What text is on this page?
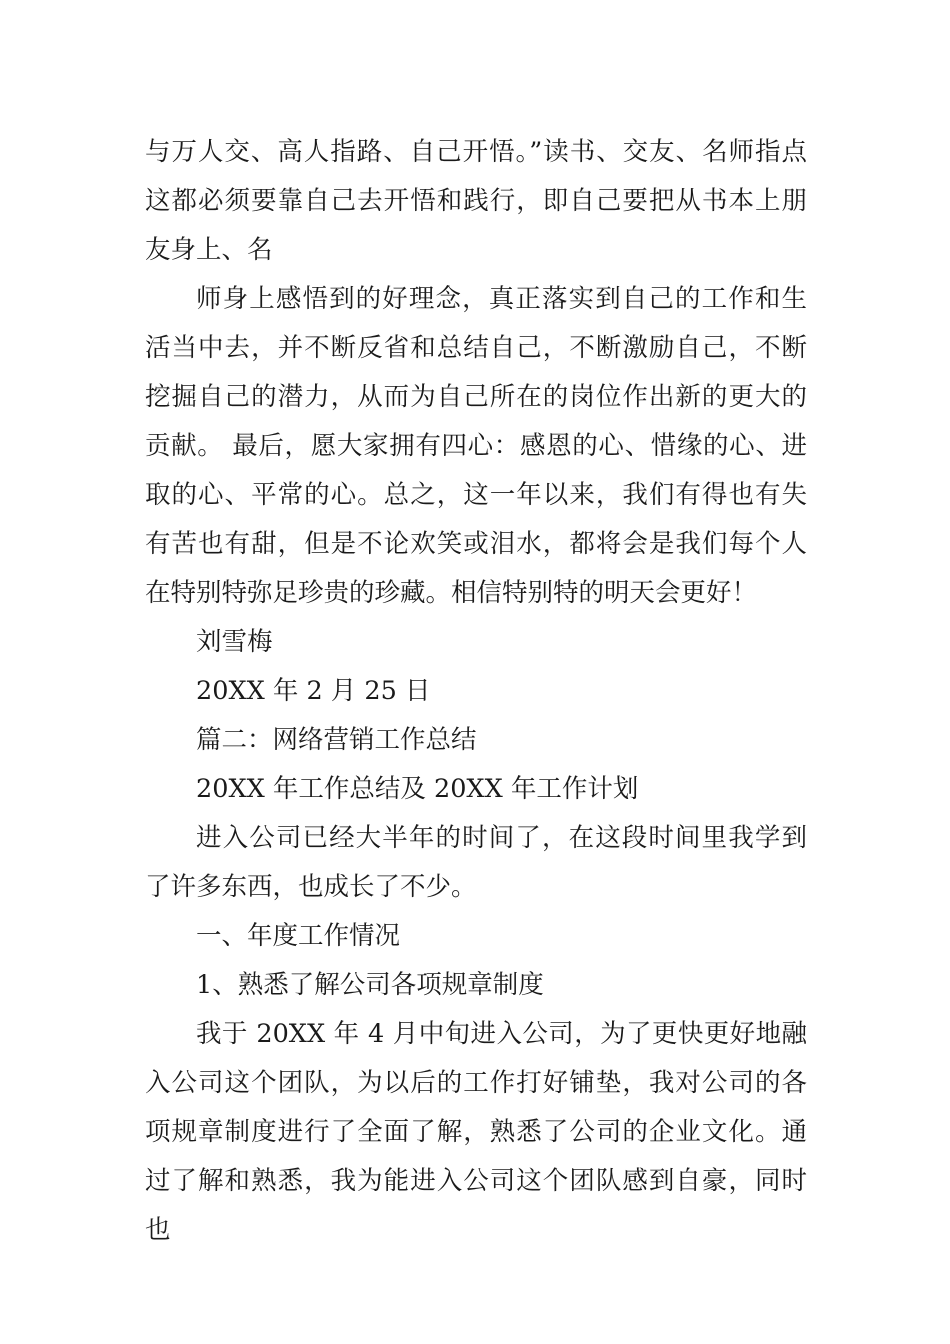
与万人交、高人指路、自己开悟。”读书、交友、名师指点这都必须要靠自己去开悟和践行，即自己要把从书本上朋友身上、名

师身上感悟到的好理念，真正落实到自己的工作和生活当中去，并不断反省和总结自己，不断激励自己，不断挖掘自己的潜力，从而为自己所在的岗位作出新的更大的贡献。 最后，愿大家拥有四心：感恩的心、惜缘的心、进取的心、平常的心。总之，这一年以来，我们有得也有失有苦也有甜，但是不论欢笑或泪水，都将会是我们每个人在特别特弥足珍贵的珍藏。相信特别特的明天会更好！

刘雪梅

20XX 年 2 月 25 日

篇二：网络营销工作总结

20XX 年工作总结及 20XX 年工作计划

进入公司已经大半年的时间了，在这段时间里我学到了许多东西，也成长了不少。

一、年度工作情况

1、熟悉了解公司各项规章制度

我于 20XX 年 4 月中旬进入公司，为了更快更好地融入公司这个团队，为以后的工作打好铺垫，我对公司的各项规章制度进行了全面了解，熟悉了公司的企业文化。通过了解和熟悉，我为能进入公司这个团队感到自豪，同时也
